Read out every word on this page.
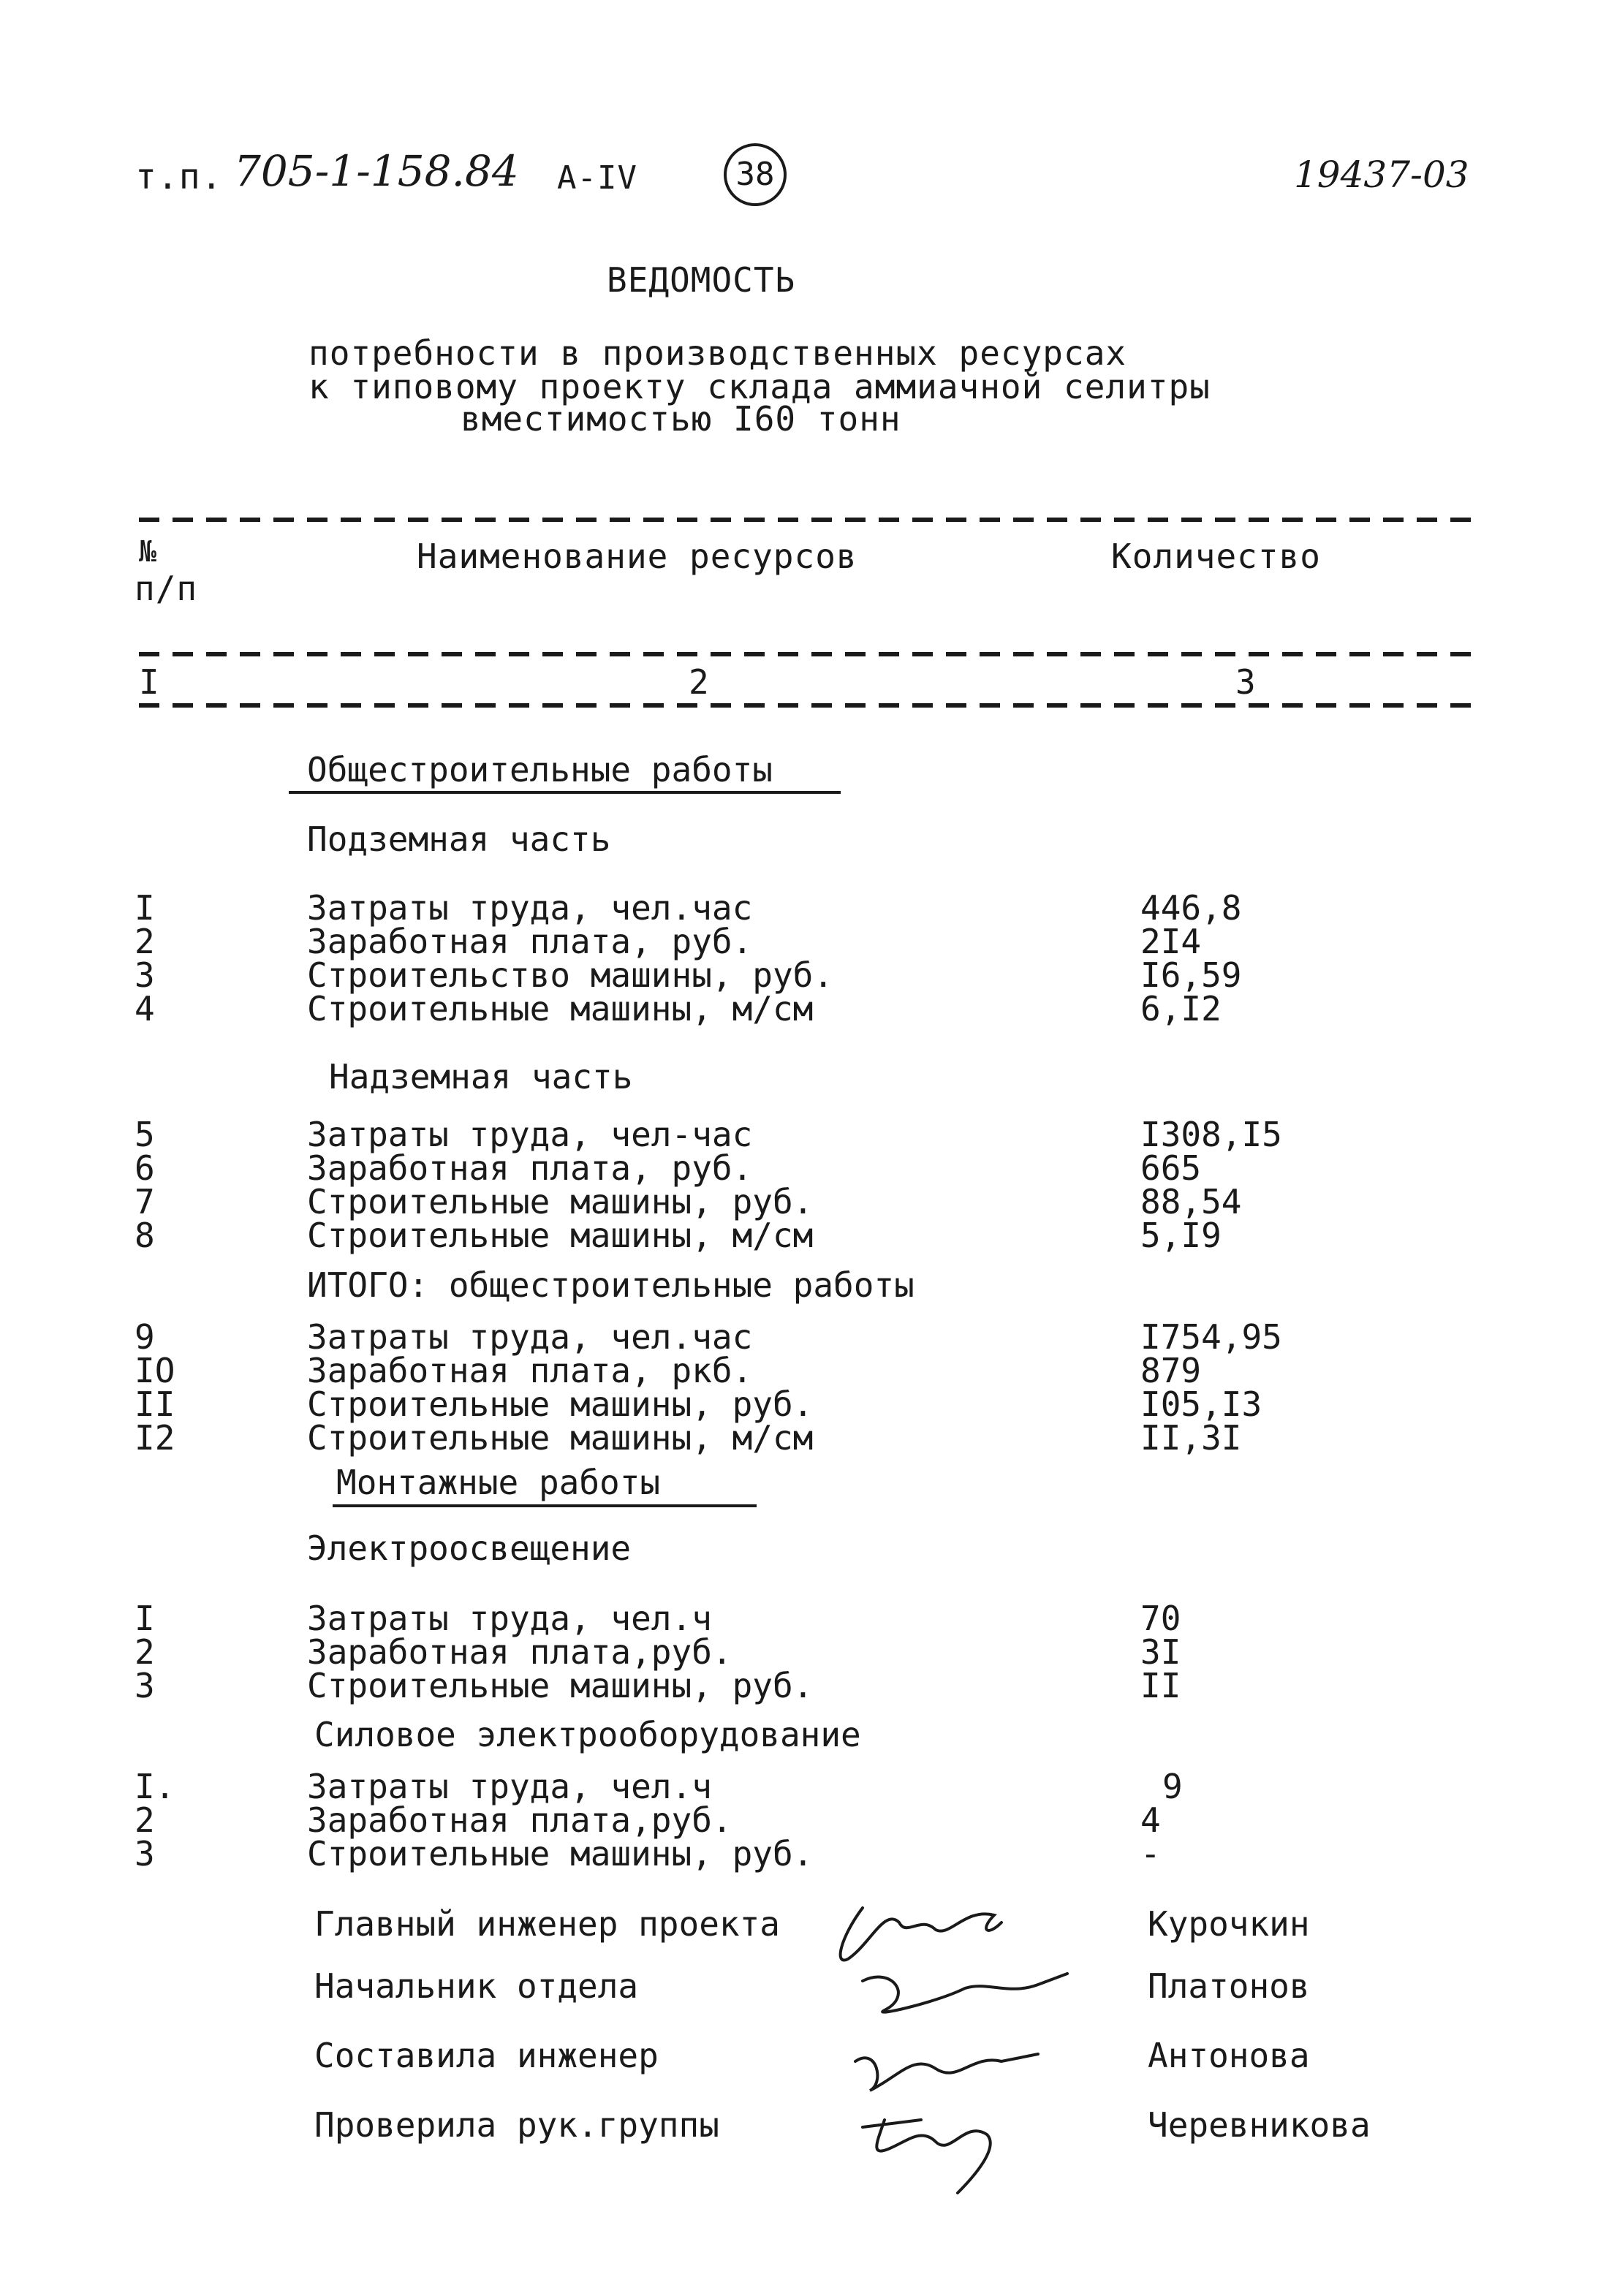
т.п. 705-1-158.84 А-IV	38	19437-03
ВЕДОМОСТЬ
потребности в производственных ресурсах
к типовому проекту склада аммиачной селитры
вместимостью I60 тонн
№
п/п
Наименование ресурсов	Количество
I	2	3
Общестроительные работы
Подземная часть
I	Затраты труда, чел.час	446,8
2	Заработная плата, руб.	2I4
3	Строительство машины, руб.	I6,59
4	Строительные машины, м/см	6,I2
Надземная часть
5	Затраты труда, чел-час	I308,I5
6	Заработная плата, руб.	665
7	Строительные машины, руб.	88,54
8	Строительные машины, м/см	5,I9
ИТОГО: общестроительные работы
9	Затраты труда, чел.час	I754,95
IO	Заработная плата, ркб.	879
II	Строительные машины, руб.	I05,I3
I2	Строительные машины, м/см	II,3I
Монтажные работы
Электроосвещение
I	Затраты труда, чел.ч	70
2	Заработная плата,руб.	3I
3	Строительные машины, руб.	II
Силовое электрооборудование
I.	Затраты труда, чел.ч	9
2	Заработная плата,руб.	4
3	Строительные машины, руб.	-
Главный инженер проекта	Курочкин
Начальник отдела	Платонов
Составила инженер	Антонова
Проверила рук.группы	Черевникова
